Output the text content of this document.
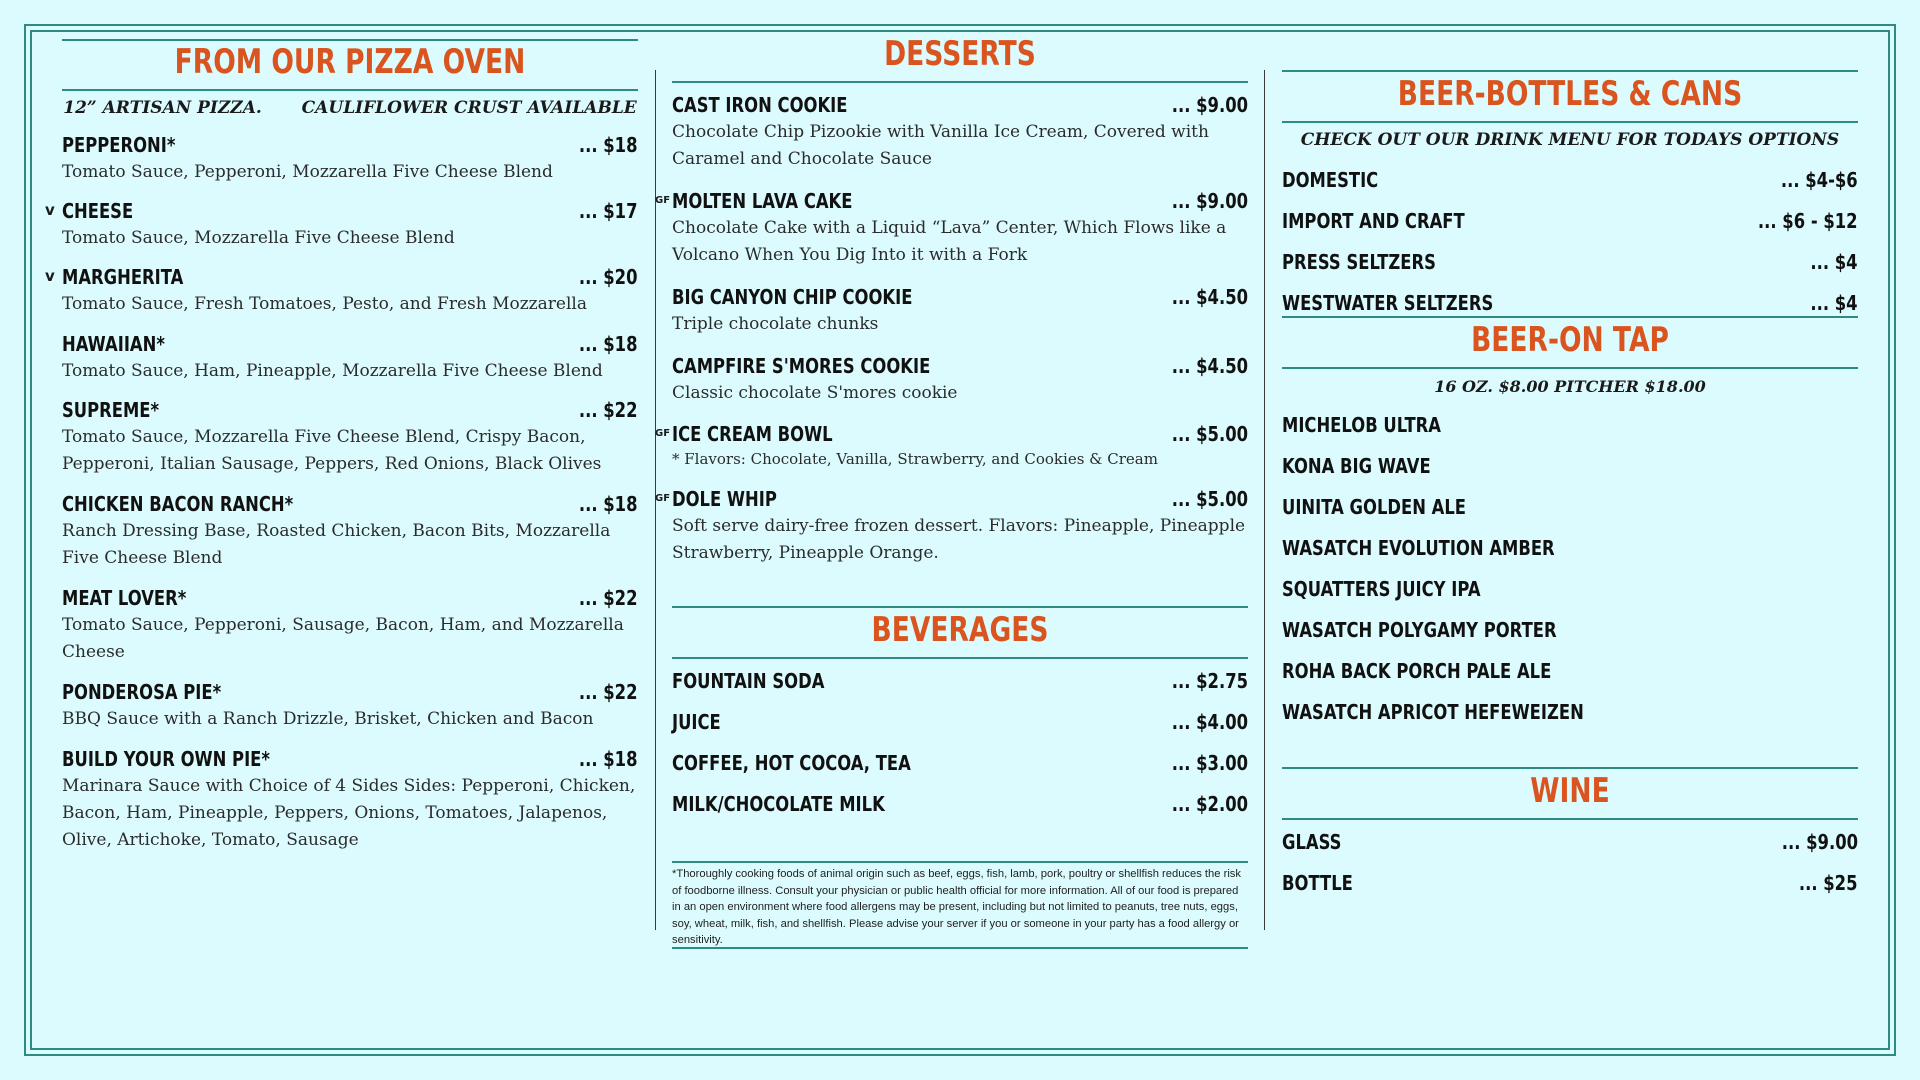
FROM OUR PIZZA OVEN
12” ARTISAN PIZZA. CAULIFLOWER CRUST AVAILABLE
PEPPERONI*	... $18
Tomato Sauce, Pepperoni, Mozzarella Five Cheese Blend
v CHEESE	... $17
Tomato Sauce, Mozzarella Five Cheese Blend
v MARGHERITA	... $20
Tomato Sauce, Fresh Tomatoes, Pesto, and Fresh Mozzarella
HAWAIIAN*	... $18
Tomato Sauce, Ham, Pineapple, Mozzarella Five Cheese Blend
SUPREME*	... $22
Tomato Sauce, Mozzarella Five Cheese Blend, Crispy Bacon, Pepperoni, Italian Sausage, Peppers, Red Onions, Black Olives
CHICKEN BACON RANCH*	... $18
Ranch Dressing Base, Roasted Chicken, Bacon Bits, Mozzarella Five Cheese Blend
MEAT LOVER*	... $22
Tomato Sauce, Pepperoni, Sausage, Bacon, Ham, and Mozzarella Cheese
PONDEROSA PIE*	... $22
BBQ Sauce with a Ranch Drizzle, Brisket, Chicken and Bacon
BUILD YOUR OWN PIE*	... $18
Marinara Sauce with Choice of 4 Sides Sides: Pepperoni, Chicken, Bacon, Ham, Pineapple, Peppers, Onions, Tomatoes, Jalapenos, Olive, Artichoke, Tomato, Sausage
DESSERTS
CAST IRON COOKIE	... $9.00
Chocolate Chip Pizookie with Vanilla Ice Cream, Covered with Caramel and Chocolate Sauce
GF MOLTEN LAVA CAKE	... $9.00
Chocolate Cake with a Liquid “Lava” Center, Which Flows like a Volcano When You Dig Into it with a Fork
BIG CANYON CHIP COOKIE	... $4.50
Triple chocolate chunks
CAMPFIRE S'MORES COOKIE	... $4.50
Classic chocolate S'mores cookie
GF ICE CREAM BOWL	... $5.00
* Flavors: Chocolate, Vanilla, Strawberry, and Cookies & Cream
GF DOLE WHIP	... $5.00
Soft serve dairy-free frozen dessert. Flavors: Pineapple, Pineapple Strawberry, Pineapple Orange.
BEVERAGES
FOUNTAIN SODA	... $2.75
JUICE	... $4.00
COFFEE, HOT COCOA, TEA	... $3.00
MILK/CHOCOLATE MILK	... $2.00
*Thoroughly cooking foods of animal origin such as beef, eggs, fish, lamb, pork, poultry or shellfish reduces the risk of foodborne illness. Consult your physician or public health official for more information. All of our food is prepared in an open environment where food allergens may be present, including but not limited to peanuts, tree nuts, eggs, soy, wheat, milk, fish, and shellfish. Please advise your server if you or someone in your party has a food allergy or sensitivity.
BEER-BOTTLES & CANS
CHECK OUT OUR DRINK MENU FOR TODAYS OPTIONS
DOMESTIC	... $4-$6
IMPORT AND CRAFT	... $6 - $12
PRESS SELTZERS	... $4
WESTWATER SELTZERS	... $4
BEER-ON TAP
16 OZ. $8.00 PITCHER $18.00
MICHELOB ULTRA
KONA BIG WAVE
UINITA GOLDEN ALE
WASATCH EVOLUTION AMBER
SQUATTERS JUICY IPA
WASATCH POLYGAMY PORTER
ROHA BACK PORCH PALE ALE
WASATCH APRICOT HEFEWEIZEN
WINE
GLASS	... $9.00
BOTTLE	... $25
